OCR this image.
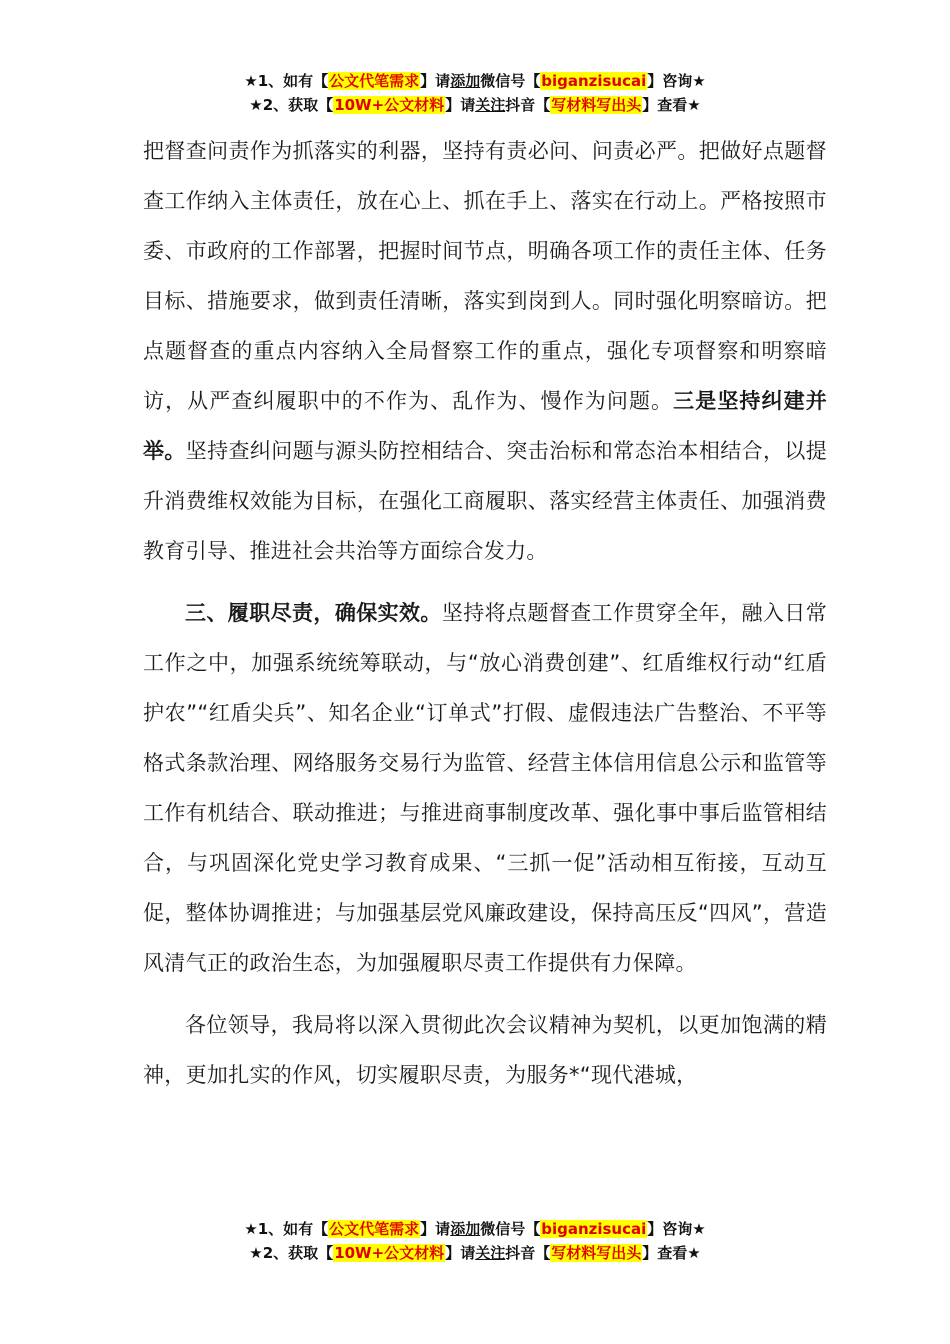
★1、如有【公文代笔需求】请添加微信号【biganzisucai】咨询★
★2、获取【10W+公文材料】请关注抖音【写材料写出头】查看★

把督查问责作为抓落实的利器，坚持有责必问、问责必严。把做好点题督查工作纳入主体责任，放在心上、抓在手上、落实在行动上。严格按照市委、市政府的工作部署，把握时间节点，明确各项工作的责任主体、任务目标、措施要求，做到责任清晰，落实到岗到人。同时强化明察暗访。把点题督查的重点内容纳入全局督察工作的重点，强化专项督察和明察暗访，从严查纠履职中的不作为、乱作为、慢作为问题。三是坚持纠建并举。坚持查纠问题与源头防控相结合、突击治标和常态治本相结合，以提升消费维权效能为目标，在强化工商履职、落实经营主体责任、加强消费教育引导、推进社会共治等方面综合发力。

三、履职尽责，确保实效。坚持将点题督查工作贯穿全年，融入日常工作之中，加强系统统筹联动，与“放心消费创建”、红盾维权行动“红盾护农”“红盾尖兵”、知名企业“订单式”打假、虚假违法广告整治、不平等格式条款治理、网络服务交易行为监管、经营主体信用信息公示和监管等工作有机结合、联动推进；与推进商事制度改革、强化事中事后监管相结合，与巩固深化党史学习教育成果、“三抓一促”活动相互衔接，互动互促，整体协调推进；与加强基层党风廉政建设，保持高压反“四风”，营造风清气正的政治生态，为加强履职尽责工作提供有力保障。

各位领导，我局将以深入贯彻此次会议精神为契机，以更加饱满的精神，更加扎实的作风，切实履职尽责，为服务*“现代港城，

★1、如有【公文代笔需求】请添加微信号【biganzisucai】咨询★
★2、获取【10W+公文材料】请关注抖音【写材料写出头】查看★
